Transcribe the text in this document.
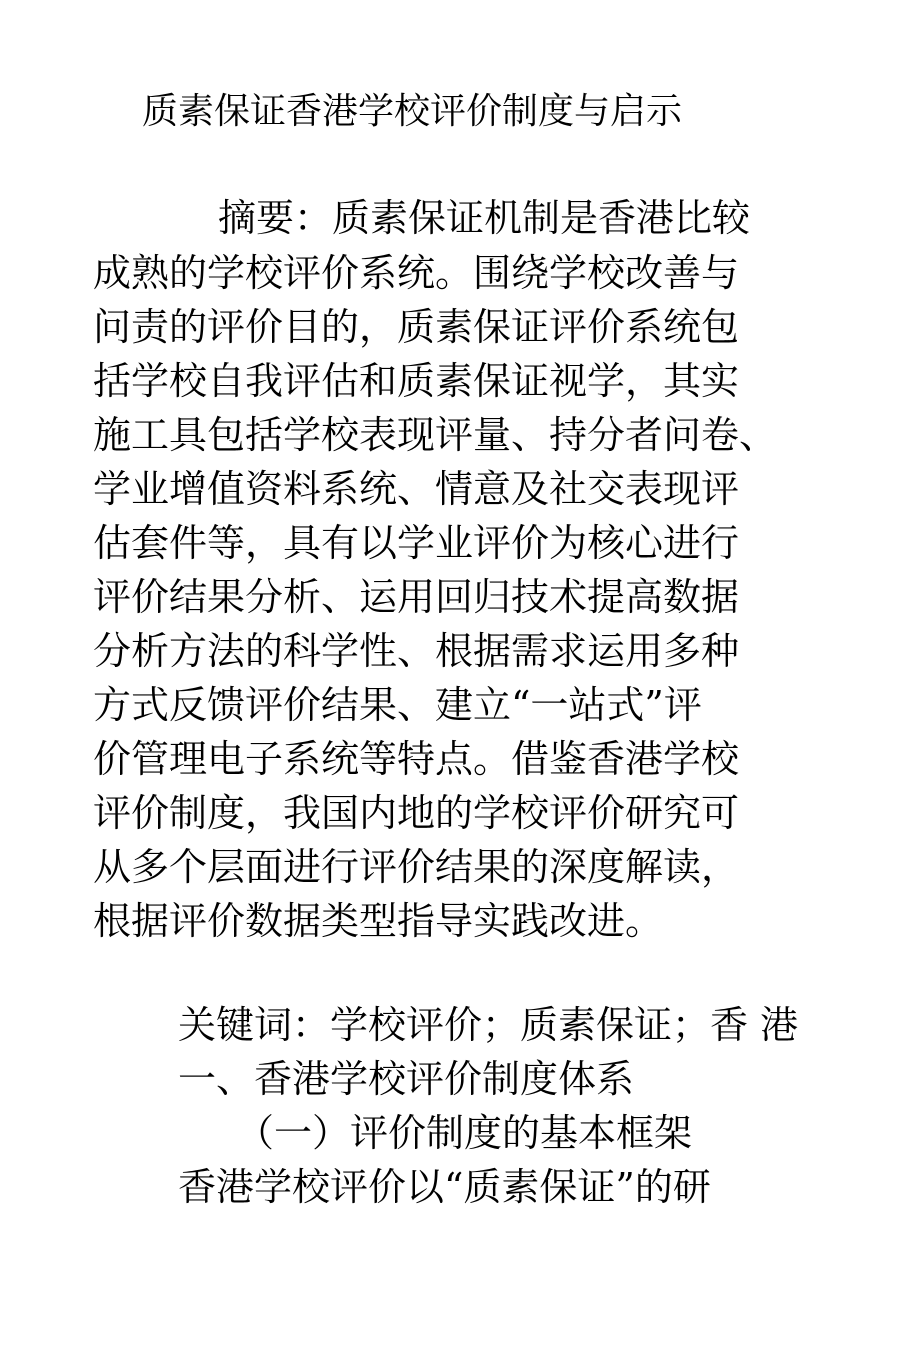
质素保证香港学校评价制度与启示
摘要：质素保证机制是香港比较
成熟的学校评价系统。围绕学校改善与
问责的评价目的，质素保证评价系统包
括学校自我评估和质素保证视学，其实
施工具包括学校表现评量、持分者问卷、
学业增值资料系统、情意及社交表现评
估套件等，具有以学业评价为核心进行
评价结果分析、运用回归技术提高数据
分析方法的科学性、根据需求运用多种
方式反馈评价结果、建立“一站式”评
价管理电子系统等特点。借鉴香港学校
评价制度，我国内地的学校评价研究可
从多个层面进行评价结果的深度解读，
根据评价数据类型指导实践改进。
关键词：学校评价；质素保证；香 港
一、香港学校评价制度体系
（一）评价制度的基本框架
香港学校评价以“质素保证”的研
